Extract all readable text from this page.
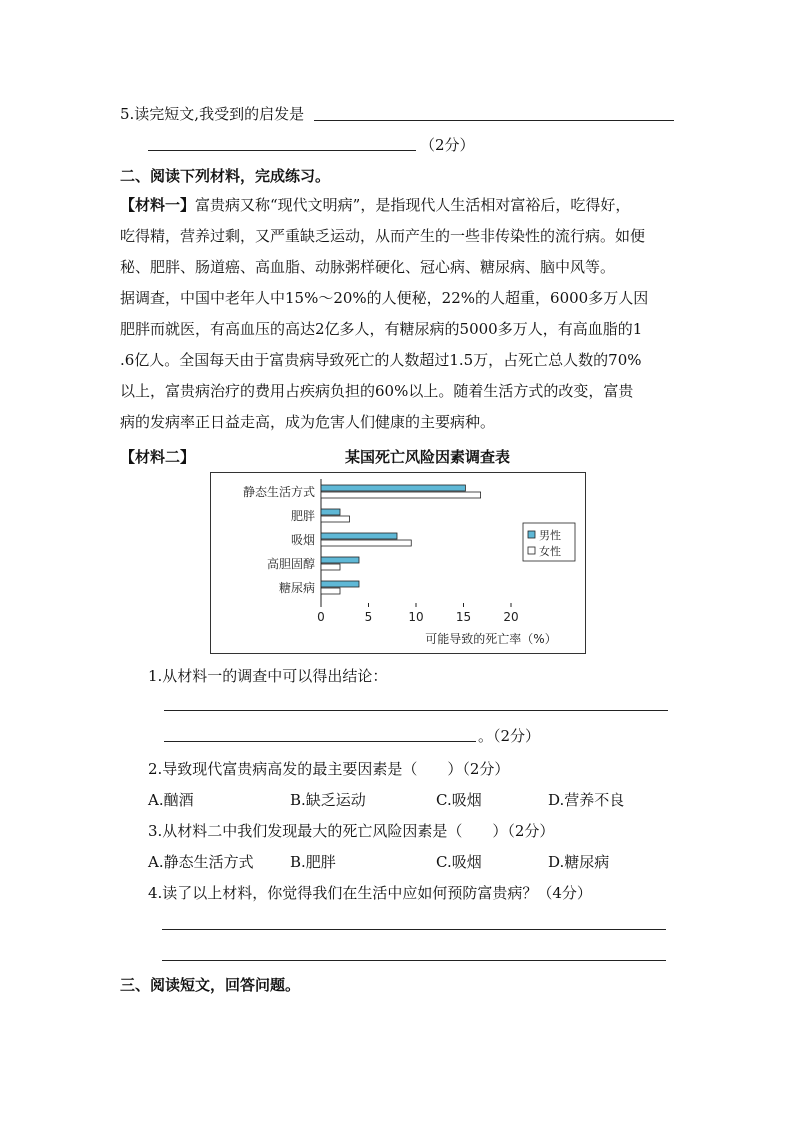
5.读完短文,我受到的启发是
（2分）
二、阅读下列材料，完成练习。
【材料一】富贵病又称“现代文明病”，是指现代人生活相对富裕后，吃得好，
吃得精，营养过剩，又严重缺乏运动，从而产生的一些非传染性的流行病。如便
秘、肥胖、肠道癌、高血脂、动脉粥样硬化、冠心病、糖尿病、脑中风等。
据调查，中国中老年人中15%～20%的人便秘，22%的人超重，6000多万人因
肥胖而就医，有高血压的高达2亿多人，有糖尿病的5000多万人，有高血脂的1
.6亿人。全国每天由于富贵病导致死亡的人数超过1.5万，占死亡总人数的70%
以上，富贵病治疗的费用占疾病负担的60%以上。随着生活方式的改变，富贵
病的发病率正日益走高，成为危害人们健康的主要病种。
【材料二】	某国死亡风险因素调查表
静态生活方式
肥胖
吸烟
高胆固醇
糖尿病
0	5	10	15	20
可能导致的死亡率（%）
男性
女性
1.从材料一的调查中可以得出结论：
。（2分）
2.导致现代富贵病高发的最主要因素是（　　）（2分）
A.酗酒	B.缺乏运动	C.吸烟	D.营养不良
3.从材料二中我们发现最大的死亡风险因素是（　　）（2分）
A.静态生活方式 B.肥胖	C.吸烟	D.糖尿病
4.读了以上材料，你觉得我们在生活中应如何预防富贵病？（4分）
三、阅读短文，回答问题。
